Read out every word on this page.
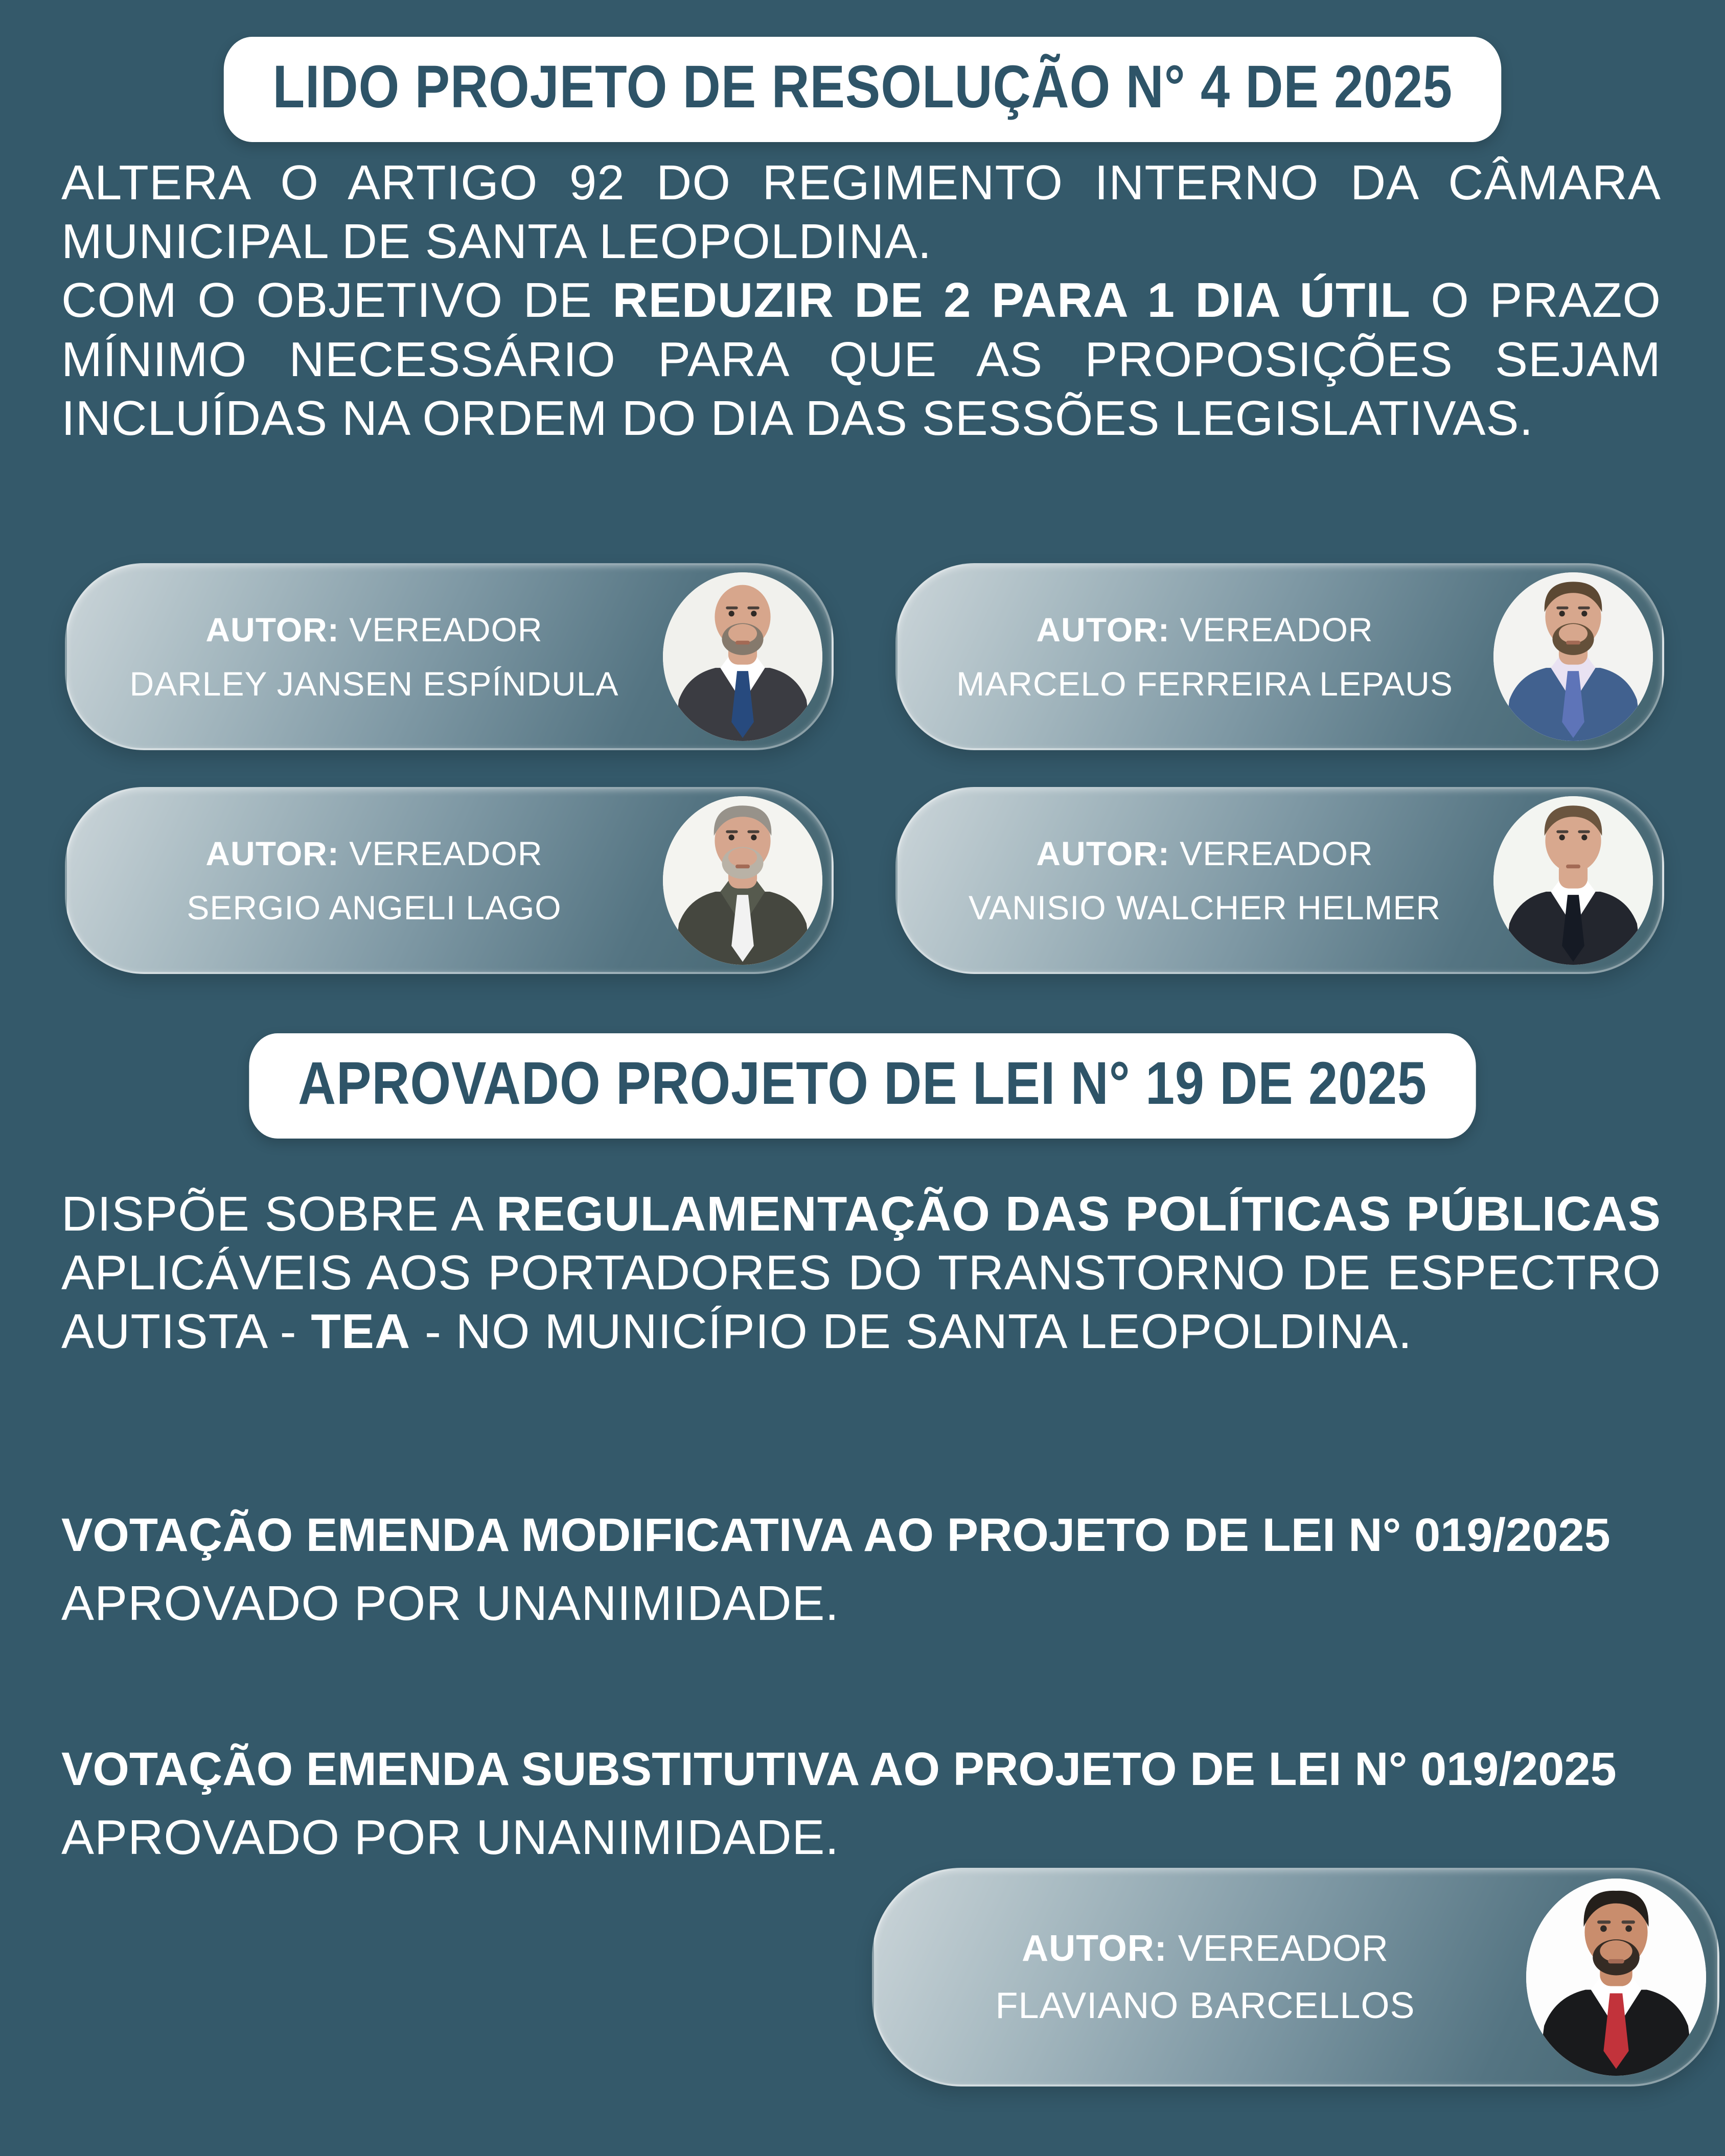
LIDO PROJETO DE RESOLUÇÃO N° 4 DE 2025

ALTERA O ARTIGO 92 DO REGIMENTO INTERNO DA CÂMARA MUNICIPAL DE SANTA LEOPOLDINA.

COM O OBJETIVO DE REDUZIR DE 2 PARA 1 DIA ÚTIL O PRAZO MÍNIMO NECESSÁRIO PARA QUE AS PROPOSIÇÕES SEJAM INCLUÍDAS NA ORDEM DO DIA DAS SESSÕES LEGISLATIVAS.

AUTOR: VEREADOR
DARLEY JANSEN ESPÍNDULA
AUTOR: VEREADOR
MARCELO FERREIRA LEPAUS
AUTOR: VEREADOR
SERGIO ANGELI LAGO
AUTOR: VEREADOR
VANISIO WALCHER HELMER
APROVADO PROJETO DE LEI N° 19 DE 2025

DISPÕE SOBRE A REGULAMENTAÇÃO DAS POLÍTICAS PÚBLICAS APLICÁVEIS AOS PORTADORES DO TRANSTORNO DE ESPECTRO AUTISTA - TEA - NO MUNICÍPIO DE SANTA LEOPOLDINA.

VOTAÇÃO EMENDA MODIFICATIVA AO PROJETO DE LEI N° 019/2025

APROVADO POR UNANIMIDADE.

VOTAÇÃO EMENDA SUBSTITUTIVA AO PROJETO DE LEI N° 019/2025

APROVADO POR UNANIMIDADE.

AUTOR: VEREADOR
FLAVIANO BARCELLOS
